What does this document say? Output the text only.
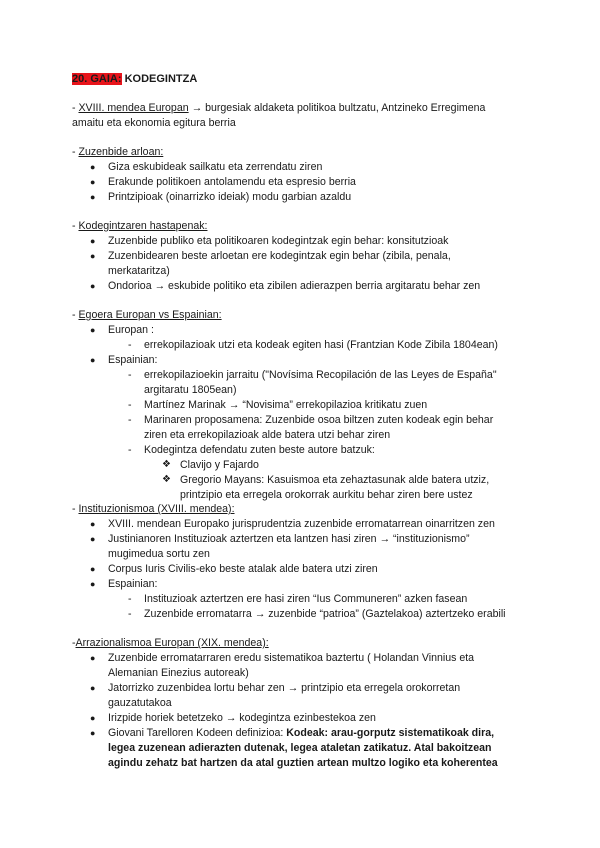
20. GAIA: KODEGINTZA
- XVIII. mendea Europan → burgesiak aldaketa politikoa bultzatu, Antzineko Erregimena
amaitu eta ekonomia egitura berria
- Zuzenbide arloan:
● Giza eskubideak sailkatu eta zerrendatu ziren
● Erakunde politikoen antolamendu eta espresio berria
● Printzipioak (oinarrizko ideiak) modu garbian azaldu
- Kodegintzaren hastapenak:
● Zuzenbide publiko eta politikoaren kodegintzak egin behar: konsitutzioak
● Zuzenbidearen beste arloetan ere kodegintzak egin behar (zibila, penala,
merkataritza)
● Ondorioa → eskubide politiko eta zibilen adierazpen berria argitaratu behar zen
- Egoera Europan vs Espainian:
● Europan :
- errekopilazioak utzi eta kodeak egiten hasi (Frantzian Kode Zibila 1804ean)
● Espainian:
- errekopilazioekin jarraitu ("Novísima Recopilación de las Leyes de España"
argitaratu 1805ean)
- Martínez Marinak → “Novisima” errekopilazioa kritikatu zuen
- Marinaren proposamena: Zuzenbide osoa biltzen zuten kodeak egin behar
ziren eta errekopilazioak alde batera utzi behar ziren
- Kodegintza defendatu zuten beste autore batzuk:
❖ Clavijo y Fajardo
❖ Gregorio Mayans: Kasuismoa eta zehaztasunak alde batera utziz,
printzipio eta erregela orokorrak aurkitu behar ziren bere ustez
- Instituzionismoa (XVIII. mendea):
● XVIII. mendean Europako jurisprudentzia zuzenbide erromatarrean oinarritzen zen
● Justinianoren Instituzioak aztertzen eta lantzen hasi ziren → “instituzionismo”
mugimedua sortu zen
● Corpus Iuris Civilis-eko beste atalak alde batera utzi ziren
● Espainian:
- Instituzioak aztertzen ere hasi ziren “Ius Communeren” azken fasean
- Zuzenbide erromatarra → zuzenbide “patrioa” (Gaztelakoa) aztertzeko erabili
-Arrazionalismoa Europan (XIX. mendea):
● Zuzenbide erromatarraren eredu sistematikoa baztertu ( Holandan Vinnius eta
Alemanian Einezius autoreak)
● Jatorrizko zuzenbidea lortu behar zen → printzipio eta erregela orokorretan
gauzatutakoa
● Irizpide horiek betetzeko → kodegintza ezinbestekoa zen
● Giovani Tarelloren Kodeen definizioa: Kodeak: arau-gorputz sistematikoak dira,
legea zuzenean adierazten dutenak, legea ataletan zatikatuz. Atal bakoitzean
agindu zehatz bat hartzen da atal guztien artean multzo logiko eta koherentea
